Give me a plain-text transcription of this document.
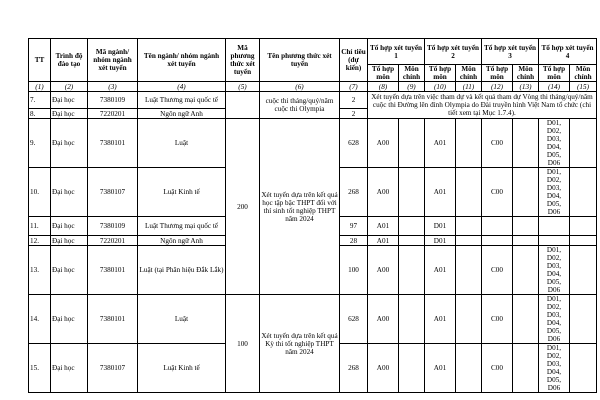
TT	Trình độ đào tạo	Mã ngành/ nhóm ngành xét tuyển	Tên ngành/ nhóm ngành xét tuyển	Mã phương thức xét tuyển	Tên phương thức xét tuyển	Chỉ tiêu (dự kiến)	Tổ hợp xét tuyển 1		Tổ hợp xét tuyển 2		Tổ hợp xét tuyển 3		Tổ hợp xét tuyển 4	
							Tổ hợp môn	Môn chính	Tổ hợp môn	Môn chính	Tổ hợp môn	Môn chính	Tổ hợp môn	Môn chính
(1)	(2)	(3)	(4)	(5)	(6)	(7)	(8)	(9)	(10)	(11)	(12)	(13)	(14)	(15)
7.	Đại học	7380109	Luật Thương mại quốc tế		cuộc thi tháng/quý/năm cuộc thi Olympia	2	Xét tuyển dựa trên việc tham dự và kết quả tham dự Vòng thi tháng/quý/năm cuộc thi Đường lên đỉnh Olympia do Đài truyền hình Việt Nam tổ chức (chi tiết xem tại Mục 1.7.4).							
8.	Đại học	7220201	Ngôn ngữ Anh			2								
9.	Đại học	7380101	Luật	200	Xét tuyển dựa trên kết quả học tập bậc THPT đối với thí sinh tốt nghiệp THPT năm 2024	628	A00		A01		C00		D01, D02, D03, D04, D05, D06	
10.	Đại học	7380107	Luật Kinh tế			268	A00		A01		C00		D01, D02, D03, D04, D05, D06	
11.	Đại học	7380109	Luật Thương mại quốc tế			97	A01		D01					
12.	Đại học	7220201	Ngôn ngữ Anh			28	A01		D01					
13.	Đại học	7380101	Luật (tại Phân hiệu Đắk Lắk)			100	A00		A01		C00		D01, D02, D03, D04, D05, D06	
14.	Đại học	7380101	Luật	100	Xét tuyển dựa trên kết quả Kỳ thi tốt nghiệp THPT năm 2024	628	A00		A01		C00		D01, D02, D03, D04, D05, D06	
15.	Đại học	7380107	Luật Kinh tế			268	A00		A01		C00		D01, D02, D03, D04, D05, D06	
